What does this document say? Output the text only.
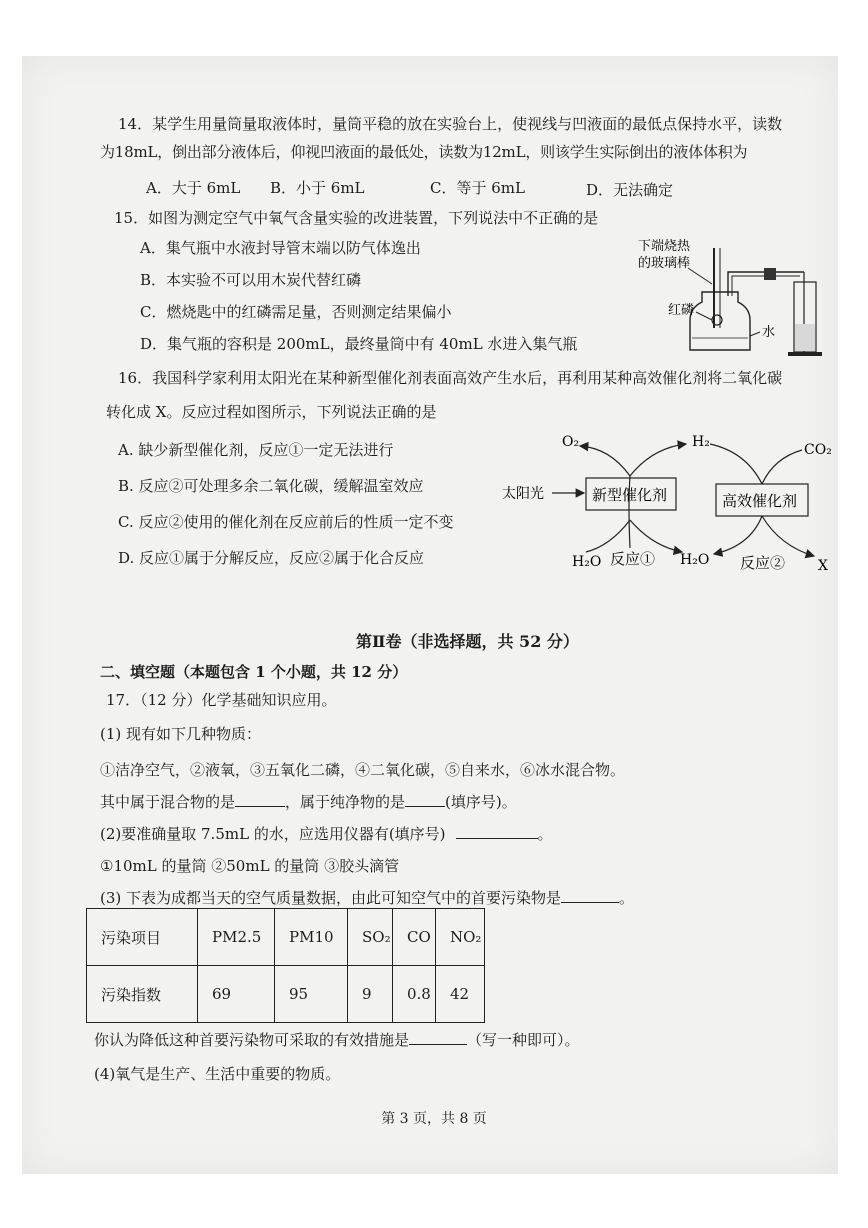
14．某学生用量筒量取液体时，量筒平稳的放在实验台上，使视线与凹液面的最低点保持水平，读数
为18mL，倒出部分液体后，仰视凹液面的最低处，读数为12mL，则该学生实际倒出的液体体积为
A．大于 6mL B．小于 6mL	C．等于 6mL	D．无法确定
15．如图为测定空气中氧气含量实验的改进装置，下列说法中不正确的是
A．集气瓶中水液封导管末端以防气体逸出
B．本实验不可以用木炭代替红磷
C．燃烧匙中的红磷需足量，否则测定结果偏小
D．集气瓶的容积是 200mL，最终量筒中有 40mL 水进入集气瓶
下端烧热
的玻璃棒
红磷
水
16．我国科学家利用太阳光在某种新型催化剂表面高效产生水后，再利用某种高效催化剂将二氧化碳
转化成 X。反应过程如图所示，下列说法正确的是
A. 缺少新型催化剂，反应①一定无法进行
B. 反应②可处理多余二氧化碳，缓解温室效应
C. 反应②使用的催化剂在反应前后的性质一定不变
D. 反应①属于分解反应，反应②属于化合反应
O₂	H₂	CO₂
太阳光	新型催化剂	高效催化剂
H₂O 反应① H₂O 反应② X
第Ⅱ卷（非选择题，共 52 分）
二、填空题（本题包含 1 个小题，共 12 分）
17．（12 分）化学基础知识应用。
(1) 现有如下几种物质：
①洁净空气，②液氧，③五氧化二磷，④二氧化碳，⑤自来水，⑥冰水混合物。
其中属于混合物的是	，属于纯净物的是	(填序号)。
(2)要准确量取 7.5mL 的水，应选用仪器有(填序号)	。
①10mL 的量筒 ②50mL 的量筒 ③胶头滴管
(3) 下表为成都当天的空气质量数据，由此可知空气中的首要污染物是	。
污染项目	PM2.5	PM10	SO₂	CO	NO₂
污染指数	69	95	9	0.8	42
你认为降低这种首要污染物可采取的有效措施是	（写一种即可）。
(4)氧气是生产、生活中重要的物质。
第 3 页，共 8 页
